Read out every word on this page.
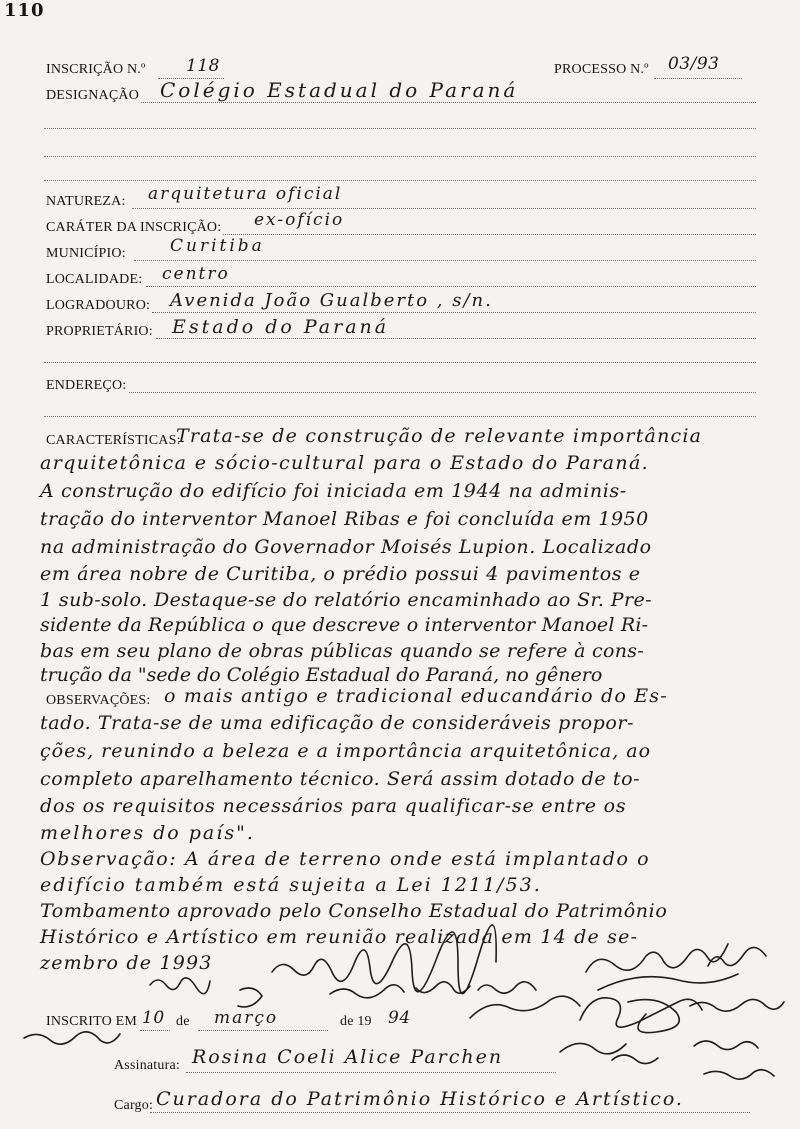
110
INSCRIÇÃO N.º 118	PROCESSO N.º 03/93
DESIGNAÇÃO Colégio Estadual do Paraná
NATUREZA: arquitetura oficial
CARÁTER DA INSCRIÇÃO: ex-ofício
MUNICÍPIO:	Curitiba
LOCALIDADE: centro
LOGRADOURO: Avenida João Gualberto , s/n.
PROPRIETÁRIO: Estado do Paraná
ENDEREÇO:
CARACTERÍSTICAS:
Trata-se de construção de relevante importância
arquitetônica e sócio-cultural para o Estado do Paraná.
A construção do edifício foi iniciada em 1944 na adminis-
tração do interventor Manoel Ribas e foi concluída em 1950
na administração do Governador Moisés Lupion. Localizado
em área nobre de Curitiba, o prédio possui 4 pavimentos e
1 sub-solo. Destaque-se do relatório encaminhado ao Sr. Pre-
sidente da República o que descreve o interventor Manoel Ri-
bas em seu plano de obras públicas quando se refere à cons-
trução da "sede do Colégio Estadual do Paraná, no gênero
OBSERVAÇÕES: o mais antigo e tradicional educandário do Es-
tado. Trata-se de uma edificação de consideráveis propor-
ções, reunindo a beleza e a importância arquitetônica, ao
completo aparelhamento técnico. Será assim dotado de to-
dos os requisitos necessários para qualificar-se entre os
melhores do país".
Observação: A área de terreno onde está implantado o
edifício também está sujeita a Lei 1211/53.
Tombamento aprovado pelo Conselho Estadual do Patrimônio
Histórico e Artístico em reunião realizada em 14 de se-
zembro de 1993
INSCRITO EM 10 de março	de 19 94
Assinatura: Rosina Coeli Alice Parchen
Cargo: Curadora do Patrimônio Histórico e Artístico.
